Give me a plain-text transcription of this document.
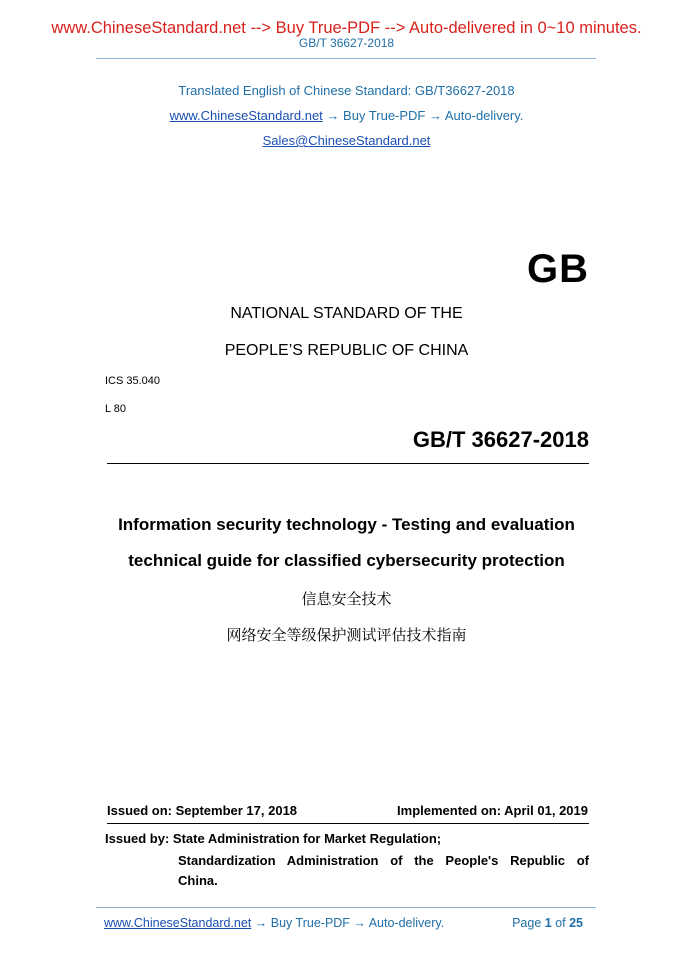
www.ChineseStandard.net --> Buy True-PDF --> Auto-delivered in 0~10 minutes.
GB/T 36627-2018
Translated English of Chinese Standard: GB/T36627-2018
www.ChineseStandard.net → Buy True-PDF → Auto-delivery.
Sales@ChineseStandard.net
GB
NATIONAL STANDARD OF THE
PEOPLE’S REPUBLIC OF CHINA
ICS 35.040
L 80
GB/T 36627-2018
Information security technology - Testing and evaluation
technical guide for classified cybersecurity protection
信息安全技术
网络安全等级保护测试评估技术指南
Issued on: September 17, 2018	Implemented on: April 01, 2019
Issued by: State Administration for Market Regulation;
Standardization Administration of the People's Republic of
China.
www.ChineseStandard.net → Buy True-PDF → Auto-delivery.	Page 1 of 25
